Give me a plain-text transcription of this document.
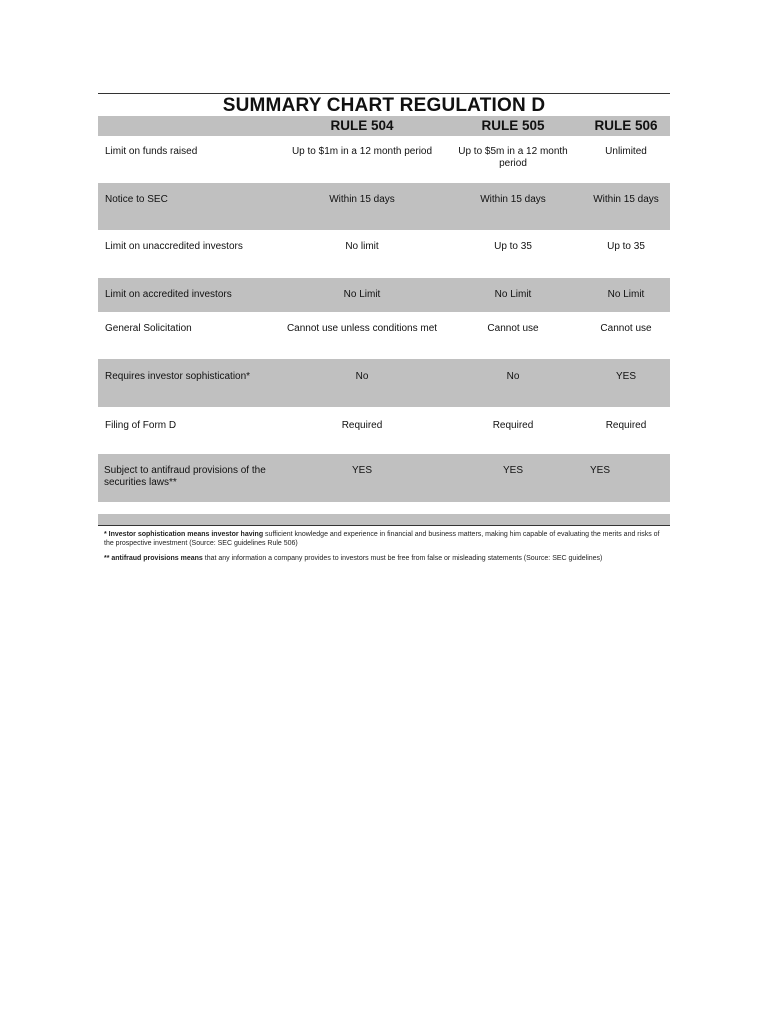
SUMMARY CHART REGULATION D
	RULE 504	RULE 505	RULE 506

Limit on funds raised	Up to $1m in a 12 month period	Up to $5m in a 12 month period	Unlimited

Notice to SEC	Within 15 days	Within 15 days	Within 15 days

Limit on unaccredited investors	No limit	Up to 35	Up to 35

Limit on accredited investors	No Limit	No Limit	No Limit

General Solicitation	Cannot use unless conditions met	Cannot use	Cannot use

Requires investor sophistication*	No	No	YES

Filing of Form D	Required	Required	Required

Subject to antifraud provisions of the securities laws**	YES	YES	YES

* Investor sophistication means investor having sufficient knowledge and experience in financial and business matters, making him capable of evaluating the merits and risks of the prospective investment (Source: SEC guidelines Rule 506)

** antifraud provisions means that any information a company provides to investors must be free from false or misleading statements (Source: SEC guidelines)
